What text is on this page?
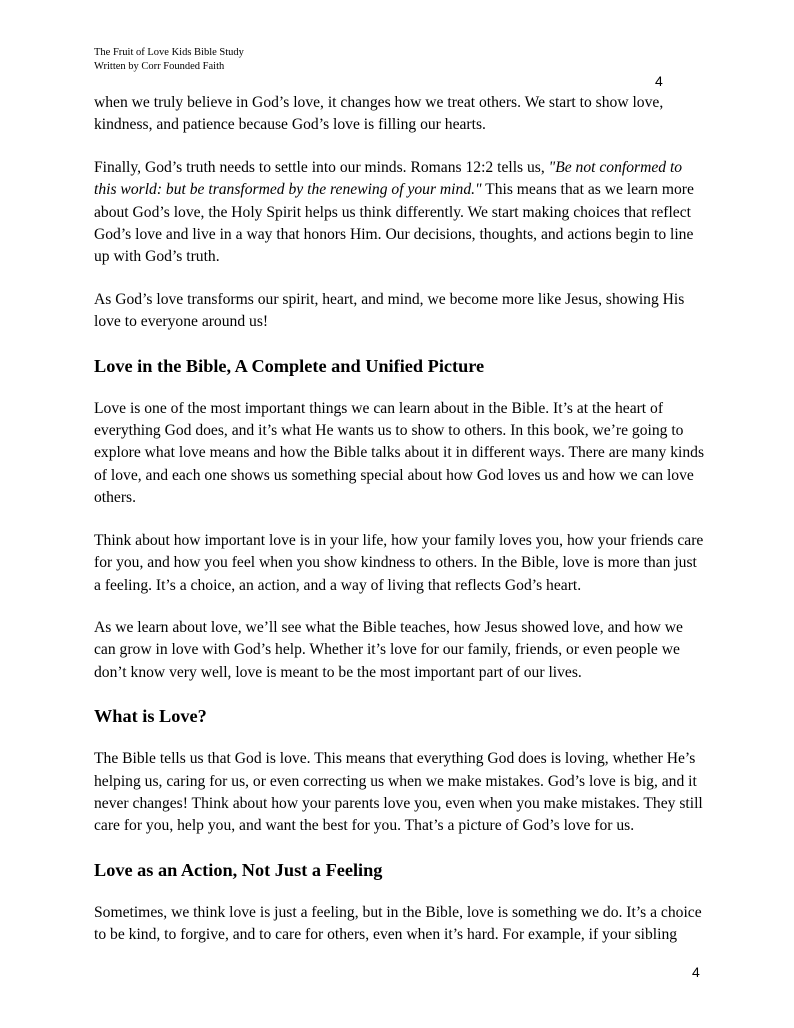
The Fruit of Love Kids Bible Study
Written by Corr Founded Faith
4

when we truly believe in God’s love, it changes how we treat others. We start to show love, kindness, and patience because God’s love is filling our hearts.

Finally, God’s truth needs to settle into our minds. Romans 12:2 tells us, "Be not conformed to this world: but be transformed by the renewing of your mind." This means that as we learn more about God’s love, the Holy Spirit helps us think differently. We start making choices that reflect God’s love and live in a way that honors Him. Our decisions, thoughts, and actions begin to line up with God’s truth.

As God’s love transforms our spirit, heart, and mind, we become more like Jesus, showing His love to everyone around us!

Love in the Bible, A Complete and Unified Picture

Love is one of the most important things we can learn about in the Bible. It’s at the heart of everything God does, and it’s what He wants us to show to others. In this book, we’re going to explore what love means and how the Bible talks about it in different ways. There are many kinds of love, and each one shows us something special about how God loves us and how we can love others.

Think about how important love is in your life, how your family loves you, how your friends care for you, and how you feel when you show kindness to others. In the Bible, love is more than just a feeling. It’s a choice, an action, and a way of living that reflects God’s heart.

As we learn about love, we’ll see what the Bible teaches, how Jesus showed love, and how we can grow in love with God’s help. Whether it’s love for our family, friends, or even people we don’t know very well, love is meant to be the most important part of our lives.

What is Love?

The Bible tells us that God is love. This means that everything God does is loving, whether He’s helping us, caring for us, or even correcting us when we make mistakes. God’s love is big, and it never changes! Think about how your parents love you, even when you make mistakes. They still care for you, help you, and want the best for you. That’s a picture of God’s love for us.

Love as an Action, Not Just a Feeling

Sometimes, we think love is just a feeling, but in the Bible, love is something we do. It’s a choice to be kind, to forgive, and to care for others, even when it’s hard. For example, if your sibling

4
